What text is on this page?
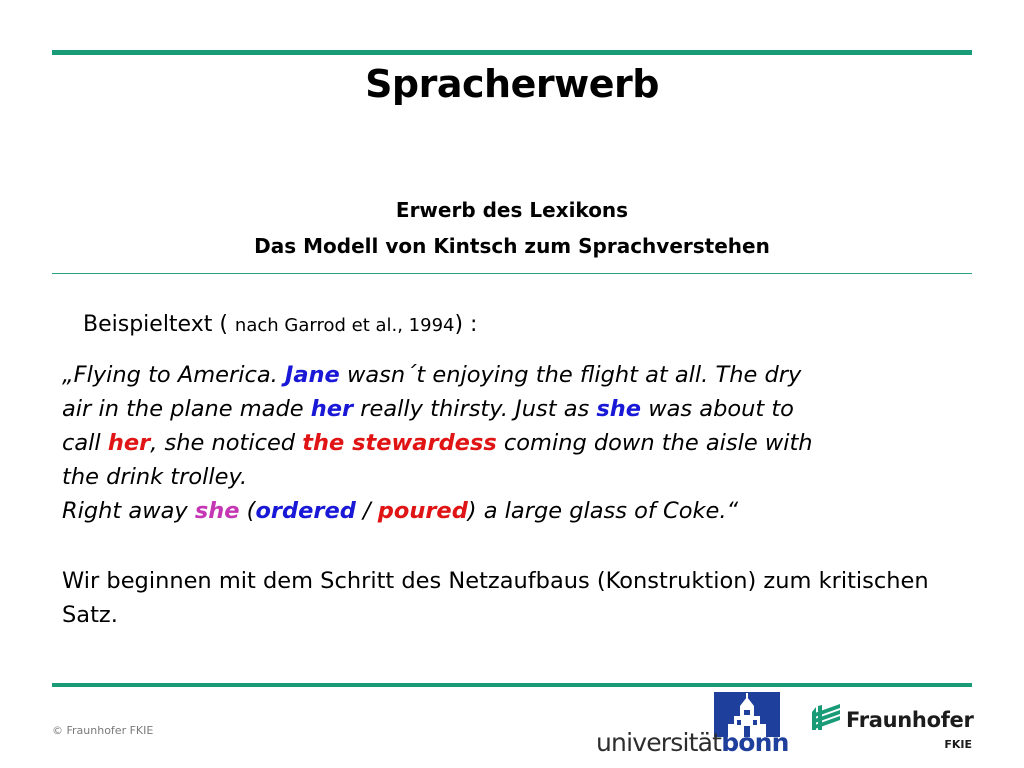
Spracherwerb
Erwerb des Lexikons
Das Modell von Kintsch zum Sprachverstehen
Beispieltext ( nach Garrod et al., 1994) :
„Flying to America. Jane wasn´t enjoying the flight at all. The dry
air in the plane made her really thirsty. Just as she was about to
call her, she noticed the stewardess coming down the aisle with
the drink trolley.
Right away she (ordered / poured) a large glass of Coke.“
Wir beginnen mit dem Schritt des Netzaufbaus (Konstruktion) zum kritischen Satz.
© Fraunhofer FKIE	universitätbonn
Fraunhofer
FKIE
